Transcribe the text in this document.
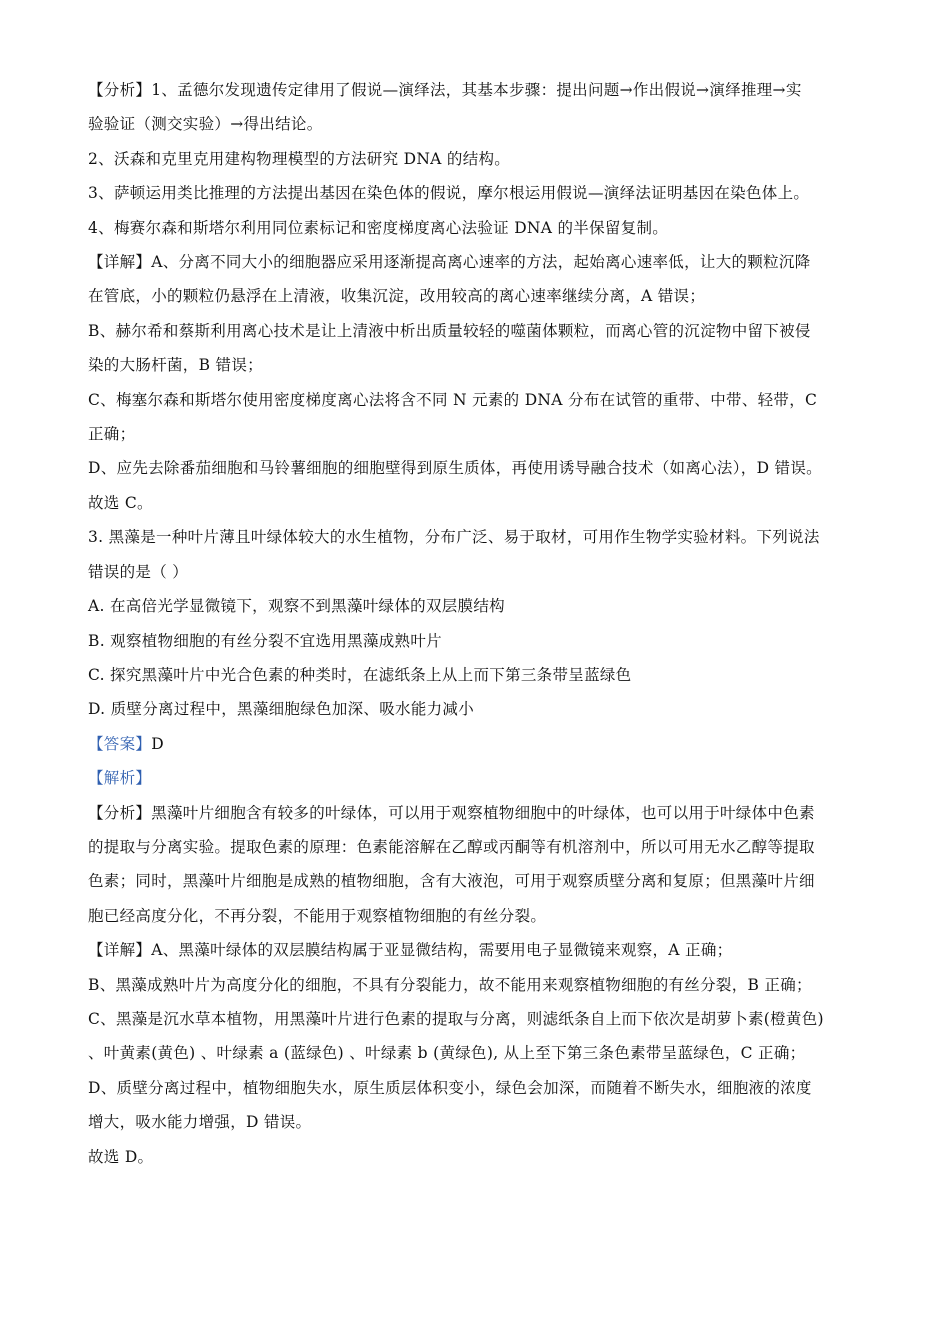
【分析】1、孟德尔发现遗传定律用了假说—演绎法，其基本步骤：提出问题→作出假说→演绎推理→实
验验证（测交实验）→得出结论。
2、沃森和克里克用建构物理模型的方法研究 DNA 的结构。
3、萨顿运用类比推理的方法提出基因在染色体的假说，摩尔根运用假说—演绎法证明基因在染色体上。
4、梅赛尔森和斯塔尔利用同位素标记和密度梯度离心法验证 DNA 的半保留复制。
【详解】A、分离不同大小的细胞器应采用逐渐提高离心速率的方法，起始离心速率低，让大的颗粒沉降
在管底，小的颗粒仍悬浮在上清液，收集沉淀，改用较高的离心速率继续分离，A 错误；
B、赫尔希和蔡斯利用离心技术是让上清液中析出质量较轻的噬菌体颗粒，而离心管的沉淀物中留下被侵
染的大肠杆菌，B 错误；
C、梅塞尔森和斯塔尔使用密度梯度离心法将含不同 N 元素的 DNA 分布在试管的重带、中带、轻带，C
正确；
D、应先去除番茄细胞和马铃薯细胞的细胞壁得到原生质体，再使用诱导融合技术（如离心法），D 错误。
故选 C。
3. 黑藻是一种叶片薄且叶绿体较大的水生植物，分布广泛、易于取材，可用作生物学实验材料。下列说法
错误的是（ ）
A. 在高倍光学显微镜下，观察不到黑藻叶绿体的双层膜结构
B. 观察植物细胞的有丝分裂不宜选用黑藻成熟叶片
C. 探究黑藻叶片中光合色素的种类时，在滤纸条上从上而下第三条带呈蓝绿色
D. 质壁分离过程中，黑藻细胞绿色加深、吸水能力减小
【答案】D
【解析】
【分析】黑藻叶片细胞含有较多的叶绿体，可以用于观察植物细胞中的叶绿体，也可以用于叶绿体中色素
的提取与分离实验。提取色素的原理：色素能溶解在乙醇或丙酮等有机溶剂中，所以可用无水乙醇等提取
色素；同时，黑藻叶片细胞是成熟的植物细胞，含有大液泡，可用于观察质壁分离和复原；但黑藻叶片细
胞已经高度分化，不再分裂，不能用于观察植物细胞的有丝分裂。
【详解】A、黑藻叶绿体的双层膜结构属于亚显微结构，需要用电子显微镜来观察，A 正确；
B、黑藻成熟叶片为高度分化的细胞，不具有分裂能力，故不能用来观察植物细胞的有丝分裂，B 正确；
C、黑藻是沉水草本植物，用黑藻叶片进行色素的提取与分离，则滤纸条自上而下依次是胡萝卜素(橙黄色)
、叶黄素(黄色) 、叶绿素 a (蓝绿色) 、叶绿素 b (黄绿色), 从上至下第三条色素带呈蓝绿色，C 正确；
D、质壁分离过程中，植物细胞失水，原生质层体积变小，绿色会加深，而随着不断失水，细胞液的浓度
增大，吸水能力增强，D 错误。
故选 D。
